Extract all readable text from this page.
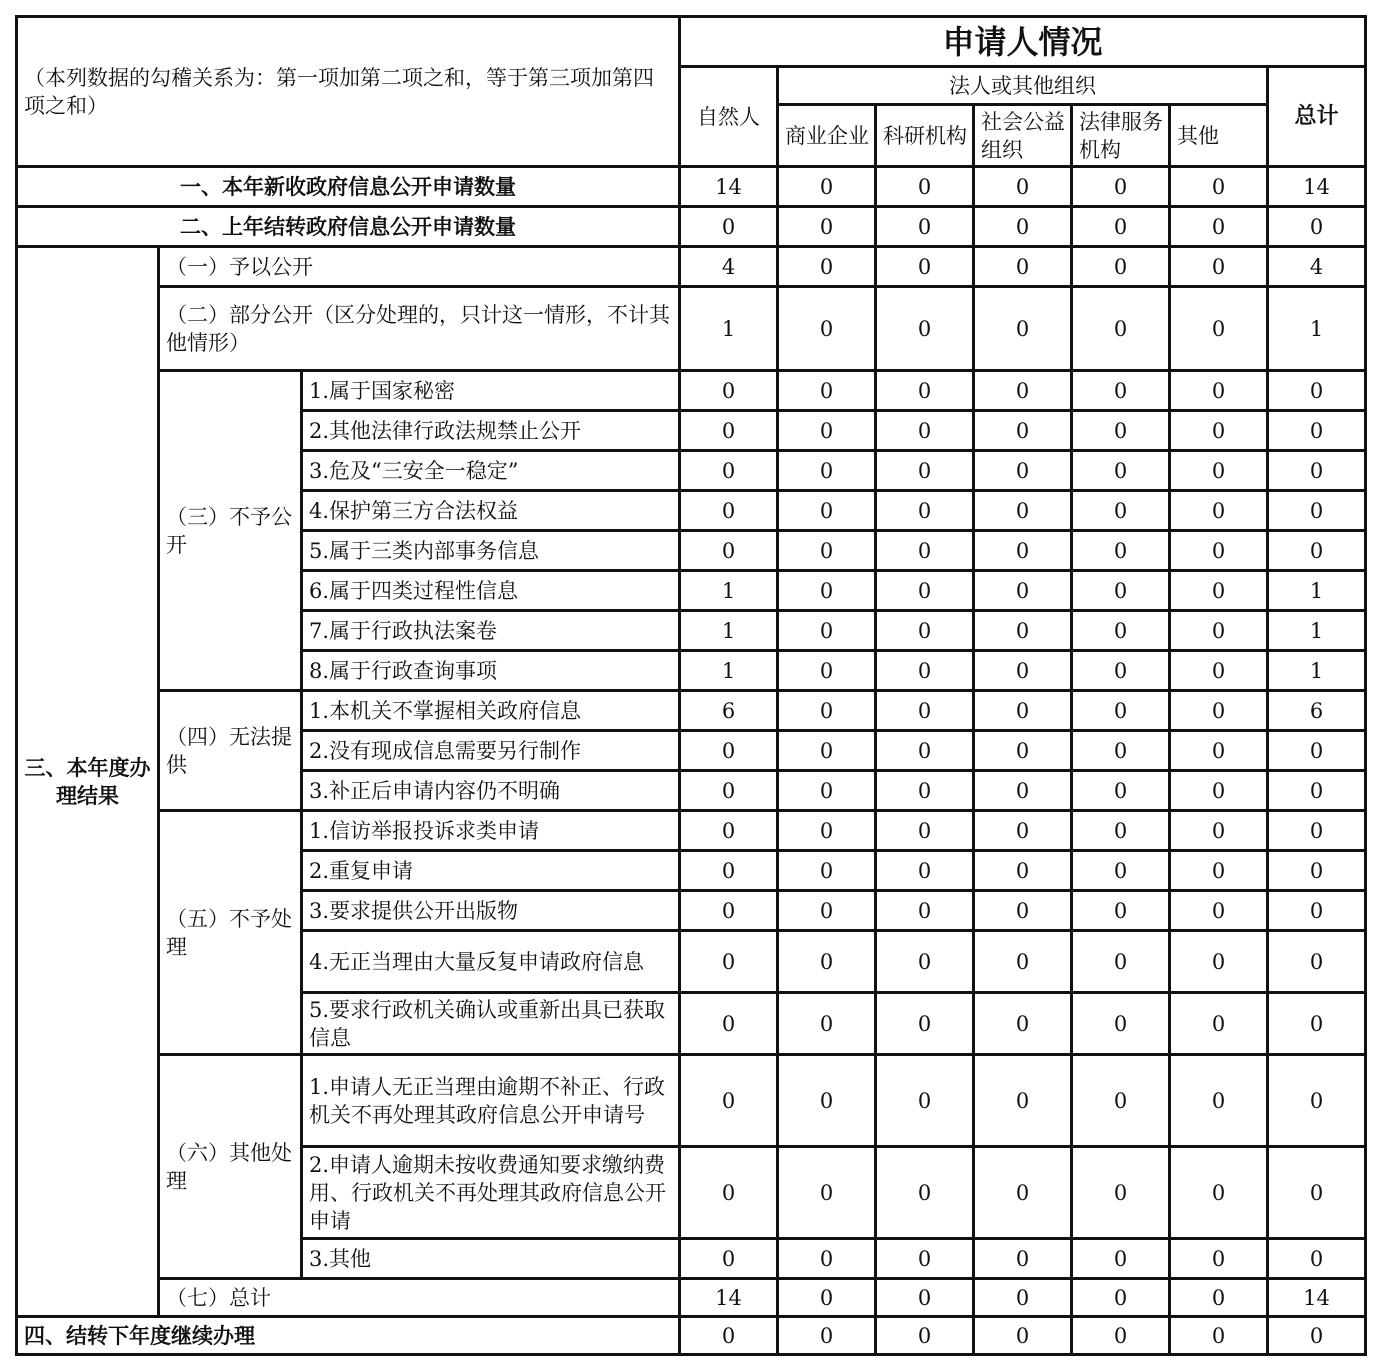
（本列数据的勾稽关系为：第一项加第二项之和，等于第三项加第四项之和）			申请人情况						
			自然人	法人或其他组织					总计
				商业企业	科研机构	社会公益组织	法律服务机构	其他	
一、本年新收政府信息公开申请数量			14	0	0	0	0	0	14
二、上年结转政府信息公开申请数量			0	0	0	0	0	0	0
三、本年度办理结果	（一）予以公开		4	0	0	0	0	0	4
	（二）部分公开（区分处理的，只计这一情形，不计其他情形）		1	0	0	0	0	0	1
	（三）不予公开	1.属于国家秘密	0	0	0	0	0	0	0
		2.其他法律行政法规禁止公开	0	0	0	0	0	0	0
		3.危及“三安全一稳定”	0	0	0	0	0	0	0
		4.保护第三方合法权益	0	0	0	0	0	0	0
		5.属于三类内部事务信息	0	0	0	0	0	0	0
		6.属于四类过程性信息	1	0	0	0	0	0	1
		7.属于行政执法案卷	1	0	0	0	0	0	1
		8.属于行政查询事项	1	0	0	0	0	0	1
	（四）无法提供	1.本机关不掌握相关政府信息	6	0	0	0	0	0	6
		2.没有现成信息需要另行制作	0	0	0	0	0	0	0
		3.补正后申请内容仍不明确	0	0	0	0	0	0	0
	（五）不予处理	1.信访举报投诉求类申请	0	0	0	0	0	0	0
		2.重复申请	0	0	0	0	0	0	0
		3.要求提供公开出版物	0	0	0	0	0	0	0
		4.无正当理由大量反复申请政府信息	0	0	0	0	0	0	0
		5.要求行政机关确认或重新出具已获取信息	0	0	0	0	0	0	0
	（六）其他处理	1.申请人无正当理由逾期不补正、行政机关不再处理其政府信息公开申请号	0	0	0	0	0	0	0
		2.申请人逾期未按收费通知要求缴纳费用、行政机关不再处理其政府信息公开申请	0	0	0	0	0	0	0
		3.其他	0	0	0	0	0	0	0
	（七）总计		14	0	0	0	0	0	14
四、结转下年度继续办理			0	0	0	0	0	0	0
